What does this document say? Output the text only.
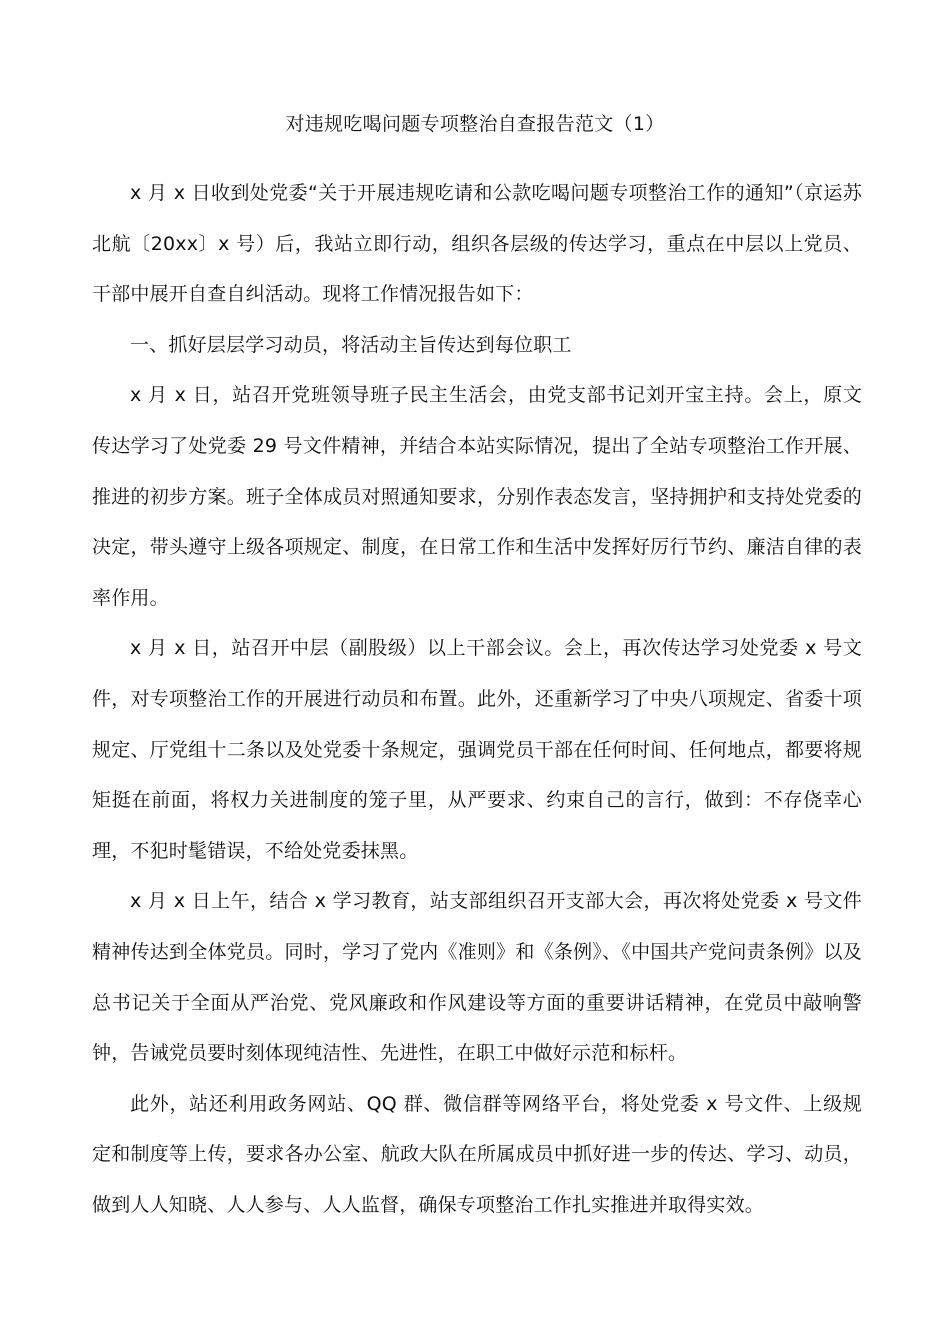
对违规吃喝问题专项整治自查报告范文（1）

x 月 x 日收到处党委“关于开展违规吃请和公款吃喝问题专项整治工作的通知”（京运苏北航〔20xx〕x 号）后，我站立即行动，组织各层级的传达学习，重点在中层以上党员、干部中展开自查自纠活动。现将工作情况报告如下：

一、抓好层层学习动员，将活动主旨传达到每位职工

x 月 x 日，站召开党班领导班子民主生活会，由党支部书记刘开宝主持。会上，原文传达学习了处党委 29 号文件精神，并结合本站实际情况，提出了全站专项整治工作开展、推进的初步方案。班子全体成员对照通知要求，分别作表态发言，坚持拥护和支持处党委的决定，带头遵守上级各项规定、制度，在日常工作和生活中发挥好厉行节约、廉洁自律的表率作用。

x 月 x 日，站召开中层（副股级）以上干部会议。会上，再次传达学习处党委 x 号文件，对专项整治工作的开展进行动员和布置。此外，还重新学习了中央八项规定、省委十项规定、厅党组十二条以及处党委十条规定，强调党员干部在任何时间、任何地点，都要将规矩挺在前面，将权力关进制度的笼子里，从严要求、约束自己的言行，做到：不存侥幸心理，不犯时髦错误，不给处党委抹黑。

x 月 x 日上午，结合 x 学习教育，站支部组织召开支部大会，再次将处党委 x 号文件精神传达到全体党员。同时，学习了党内《准则》和《条例》、《中国共产党问责条例》以及总书记关于全面从严治党、党风廉政和作风建设等方面的重要讲话精神，在党员中敲响警钟，告诫党员要时刻体现纯洁性、先进性，在职工中做好示范和标杆。

此外，站还利用政务网站、QQ 群、微信群等网络平台，将处党委 x 号文件、上级规定和制度等上传，要求各办公室、航政大队在所属成员中抓好进一步的传达、学习、动员，做到人人知晓、人人参与、人人监督，确保专项整治工作扎实推进并取得实效。
